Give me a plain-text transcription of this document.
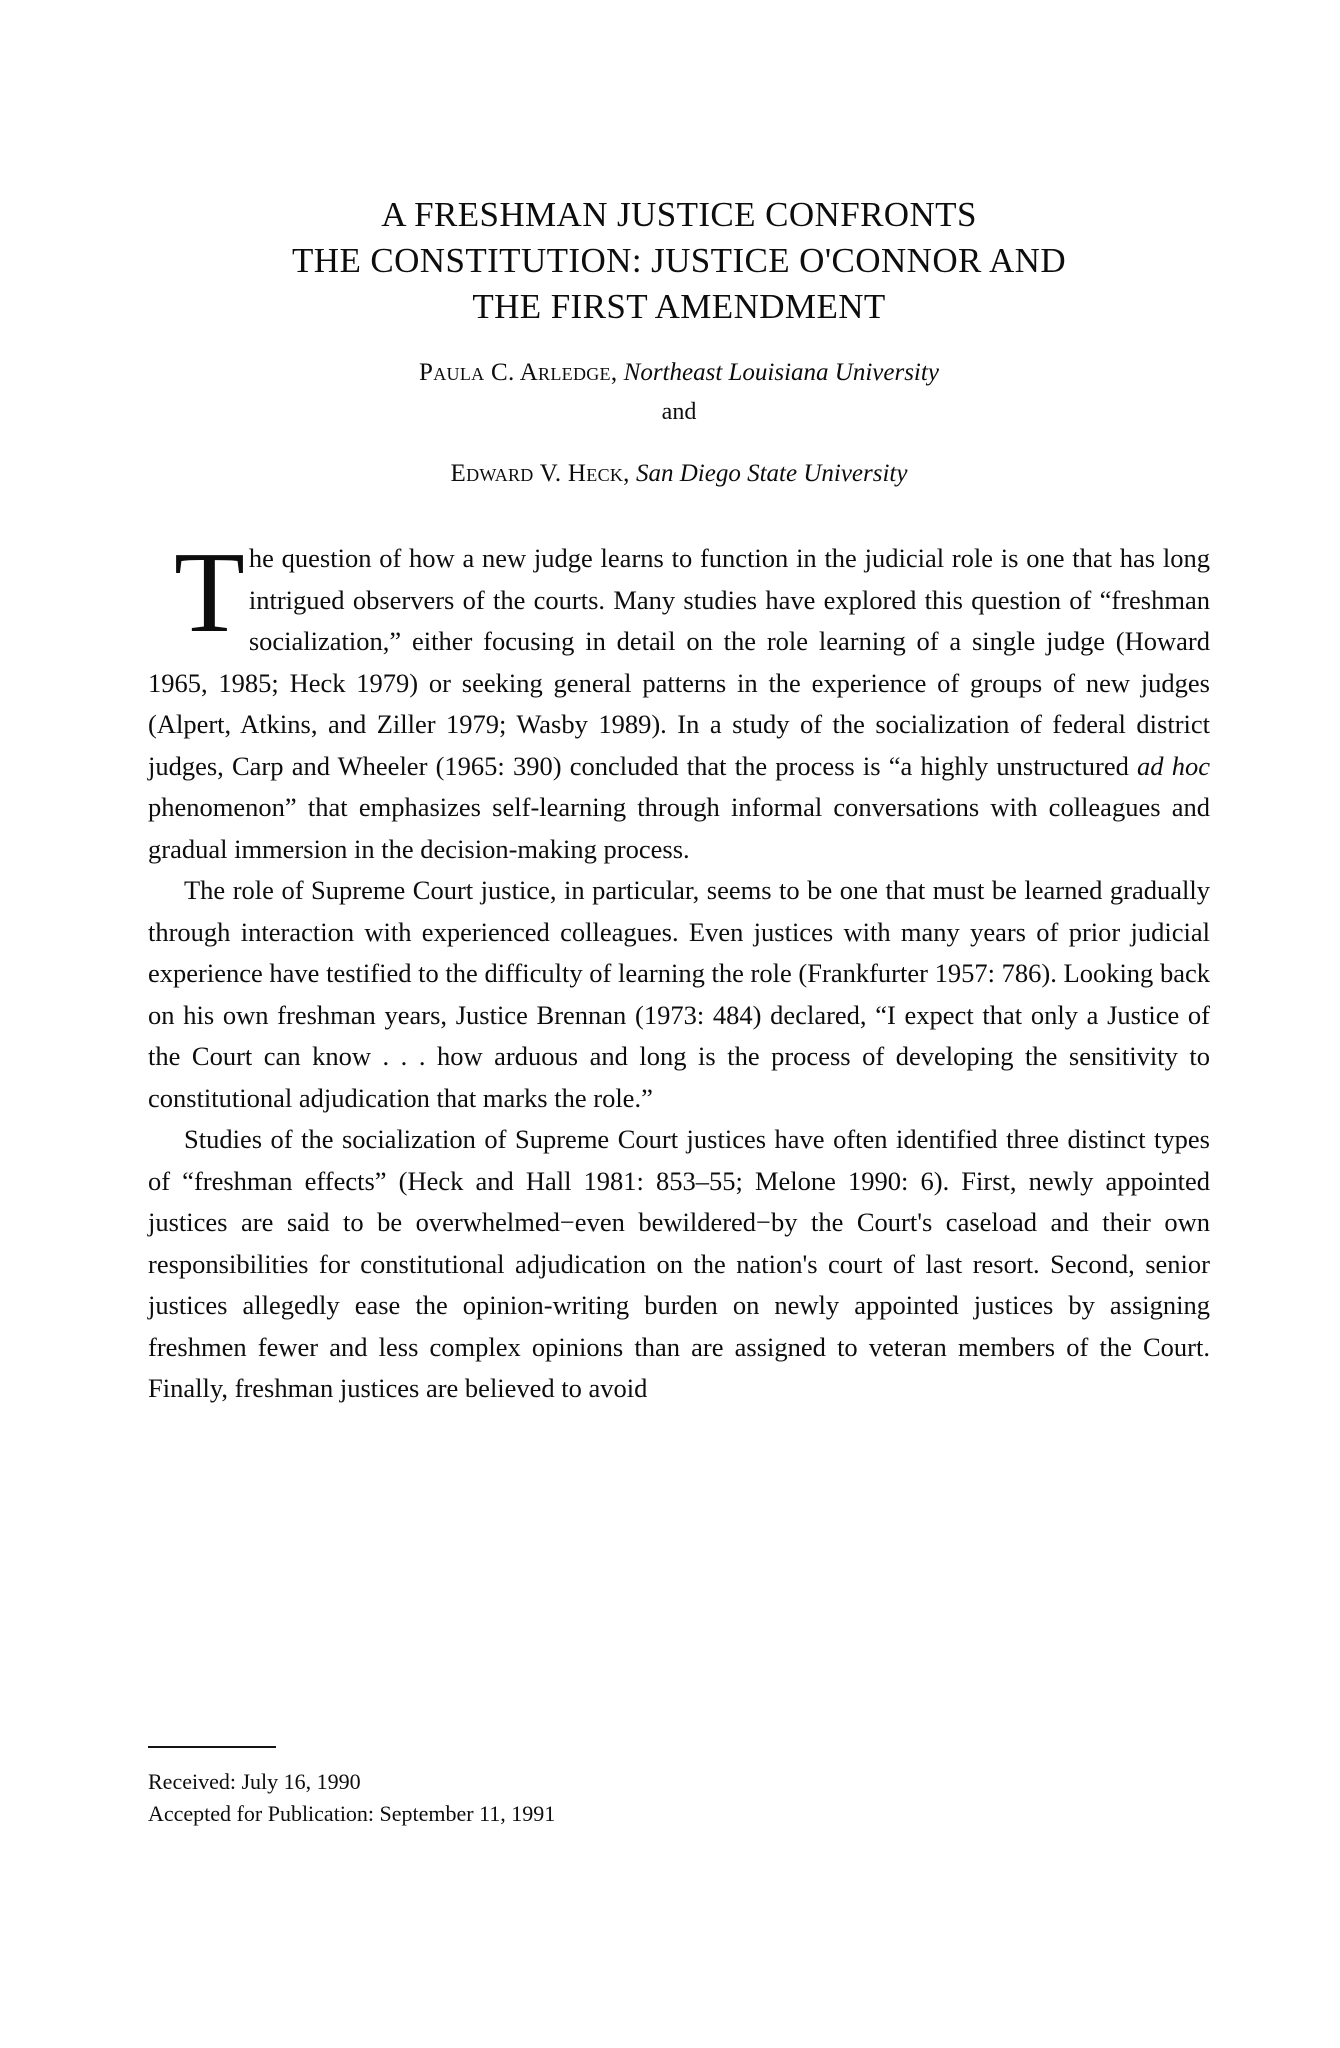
A FRESHMAN JUSTICE CONFRONTS
THE CONSTITUTION: JUSTICE O'CONNOR AND
THE FIRST AMENDMENT
Paula C. Arledge, Northeast Louisiana University
and
Edward V. Heck, San Diego State University

The question of how a new judge learns to function in the judicial role is one that has long intrigued observers of the courts. Many studies have explored this question of “freshman socialization,” either focusing in detail on the role learning of a single judge (Howard 1965, 1985; Heck 1979) or seeking general patterns in the experience of groups of new judges (Alpert, Atkins, and Ziller 1979; Wasby 1989). In a study of the socialization of federal district judges, Carp and Wheeler (1965: 390) concluded that the process is “a highly unstructured ad hoc phenomenon” that emphasizes self-learning through informal conversations with colleagues and gradual immersion in the decision-making process.

The role of Supreme Court justice, in particular, seems to be one that must be learned gradually through interaction with experienced colleagues. Even justices with many years of prior judicial experience have testified to the difficulty of learning the role (Frankfurter 1957: 786). Looking back on his own freshman years, Justice Brennan (1973: 484) declared, “I expect that only a Justice of the Court can know . . . how arduous and long is the process of developing the sensitivity to constitutional adjudication that marks the role.”

Studies of the socialization of Supreme Court justices have often identified three distinct types of “freshman effects” (Heck and Hall 1981: 853–55; Melone 1990: 6). First, newly appointed justices are said to be overwhelmed−even bewildered−by the Court's caseload and their own responsibilities for constitutional adjudication on the nation's court of last resort. Second, senior justices allegedly ease the opinion-writing burden on newly appointed justices by assigning freshmen fewer and less complex opinions than are assigned to veteran members of the Court. Finally, freshman justices are believed to avoid

Received: July 16, 1990
Accepted for Publication: September 11, 1991
